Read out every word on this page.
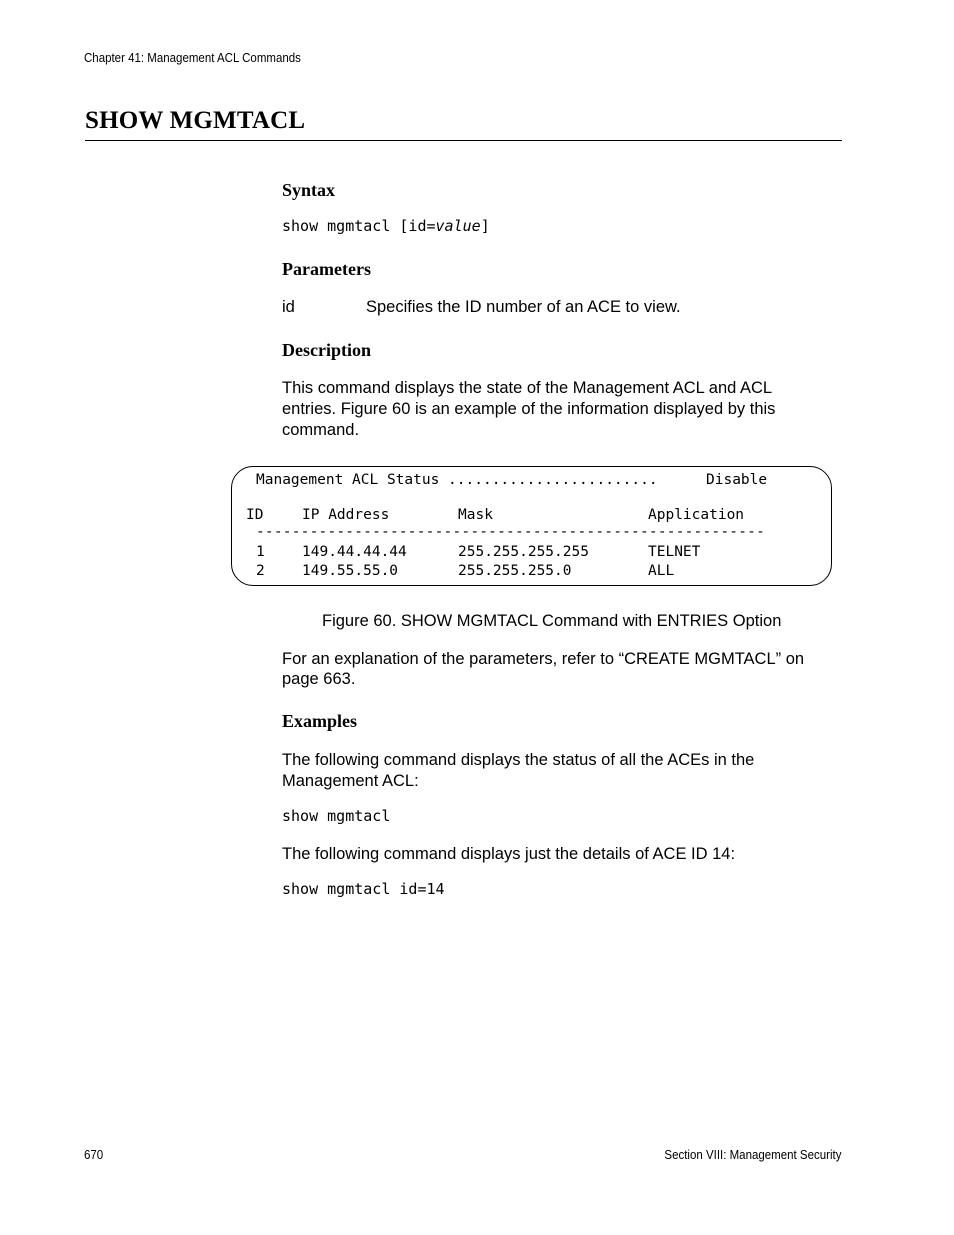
Chapter 41: Management ACL Commands
SHOW MGMTACL
Syntax
show mgmtacl [id=value]
Parameters
id	Specifies the ID number of an ACE to view.
Description
This command displays the state of the Management ACL and ACL
entries. Figure 60 is an example of the information displayed by this
command.
Management ACL Status ........................	Disable
ID	IP Address	Mask	Application
---------------------------------------------------------
1	149.44.44.44	255.255.255.255	TELNET
2	149.55.55.0	255.255.255.0	ALL
Figure 60. SHOW MGMTACL Command with ENTRIES Option
For an explanation of the parameters, refer to “CREATE MGMTACL” on
page 663.
Examples
The following command displays the status of all the ACEs in the
Management ACL:
show mgmtacl
The following command displays just the details of ACE ID 14:
show mgmtacl id=14
670	Section VIII: Management Security
